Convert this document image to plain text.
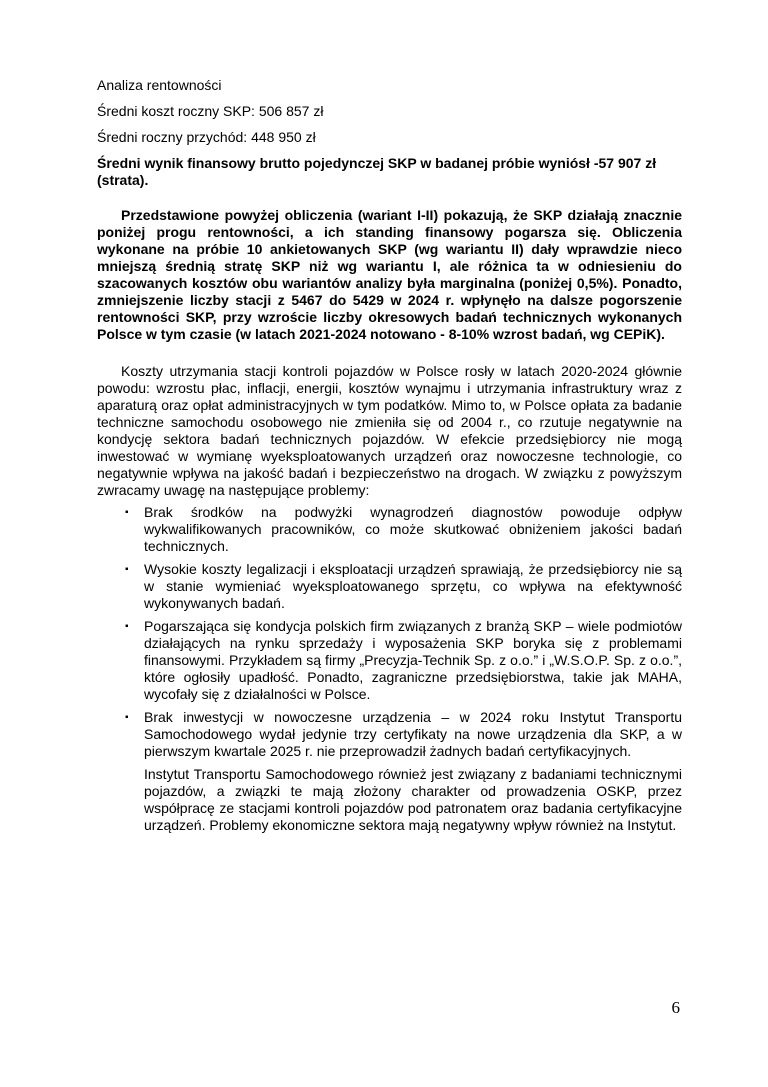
Analiza rentowności

Średni koszt roczny SKP: 506 857 zł

Średni roczny przychód: 448 950 zł

Średni wynik finansowy brutto pojedynczej SKP w badanej próbie wyniósł -57 907 zł (strata).

Przedstawione powyżej obliczenia (wariant I-II) pokazują, że SKP działają znacznie poniżej progu rentowności, a ich standing finansowy pogarsza się. Obliczenia wykonane na próbie 10 ankietowanych SKP (wg wariantu II) dały wprawdzie nieco mniejszą średnią stratę SKP niż wg wariantu I, ale różnica ta w odniesieniu do szacowanych kosztów obu wariantów analizy była marginalna (poniżej 0,5%). Ponadto, zmniejszenie liczby stacji z 5467 do 5429 w 2024 r. wpłynęło na dalsze pogorszenie rentowności SKP, przy wzroście liczby okresowych badań technicznych wykonanych Polsce w tym czasie (w latach 2021-2024 notowano - 8-10% wzrost badań, wg CEPiK).

Koszty utrzymania stacji kontroli pojazdów w Polsce rosły w latach 2020-2024 głównie powodu: wzrostu płac, inflacji, energii, kosztów wynajmu i utrzymania infrastruktury wraz z aparaturą oraz opłat administracyjnych w tym podatków. Mimo to, w Polsce opłata za badanie techniczne samochodu osobowego nie zmieniła się od 2004 r., co rzutuje negatywnie na kondycję sektora badań technicznych pojazdów. W efekcie przedsiębiorcy nie mogą inwestować w wymianę wyeksploatowanych urządzeń oraz nowoczesne technologie, co negatywnie wpływa na jakość badań i bezpieczeństwo na drogach. W związku z powyższym zwracamy uwagę na następujące problemy:

▪	Brak środków na podwyżki wynagrodzeń diagnostów powoduje odpływ wykwalifikowanych pracowników, co może skutkować obniżeniem jakości badań technicznych.
▪	Wysokie koszty legalizacji i eksploatacji urządzeń sprawiają, że przedsiębiorcy nie są w stanie wymieniać wyeksploatowanego sprzętu, co wpływa na efektywność wykonywanych badań.
▪	Pogarszająca się kondycja polskich firm związanych z branżą SKP – wiele podmiotów działających na rynku sprzedaży i wyposażenia SKP boryka się z problemami finansowymi. Przykładem są firmy „Precyzja-Technik Sp. z o.o.” i „W.S.O.P. Sp. z o.o.”, które ogłosiły upadłość. Ponadto, zagraniczne przedsiębiorstwa, takie jak MAHA, wycofały się z działalności w Polsce.
▪	Brak inwestycji w nowoczesne urządzenia – w 2024 roku Instytut Transportu Samochodowego wydał jedynie trzy certyfikaty na nowe urządzenia dla SKP, a w pierwszym kwartale 2025 r. nie przeprowadził żadnych badań certyfikacyjnych.

Instytut Transportu Samochodowego również jest związany z badaniami technicznymi pojazdów, a związki te mają złożony charakter od prowadzenia OSKP, przez współpracę ze stacjami kontroli pojazdów pod patronatem oraz badania certyfikacyjne urządzeń. Problemy ekonomiczne sektora mają negatywny wpływ również na Instytut.

6
